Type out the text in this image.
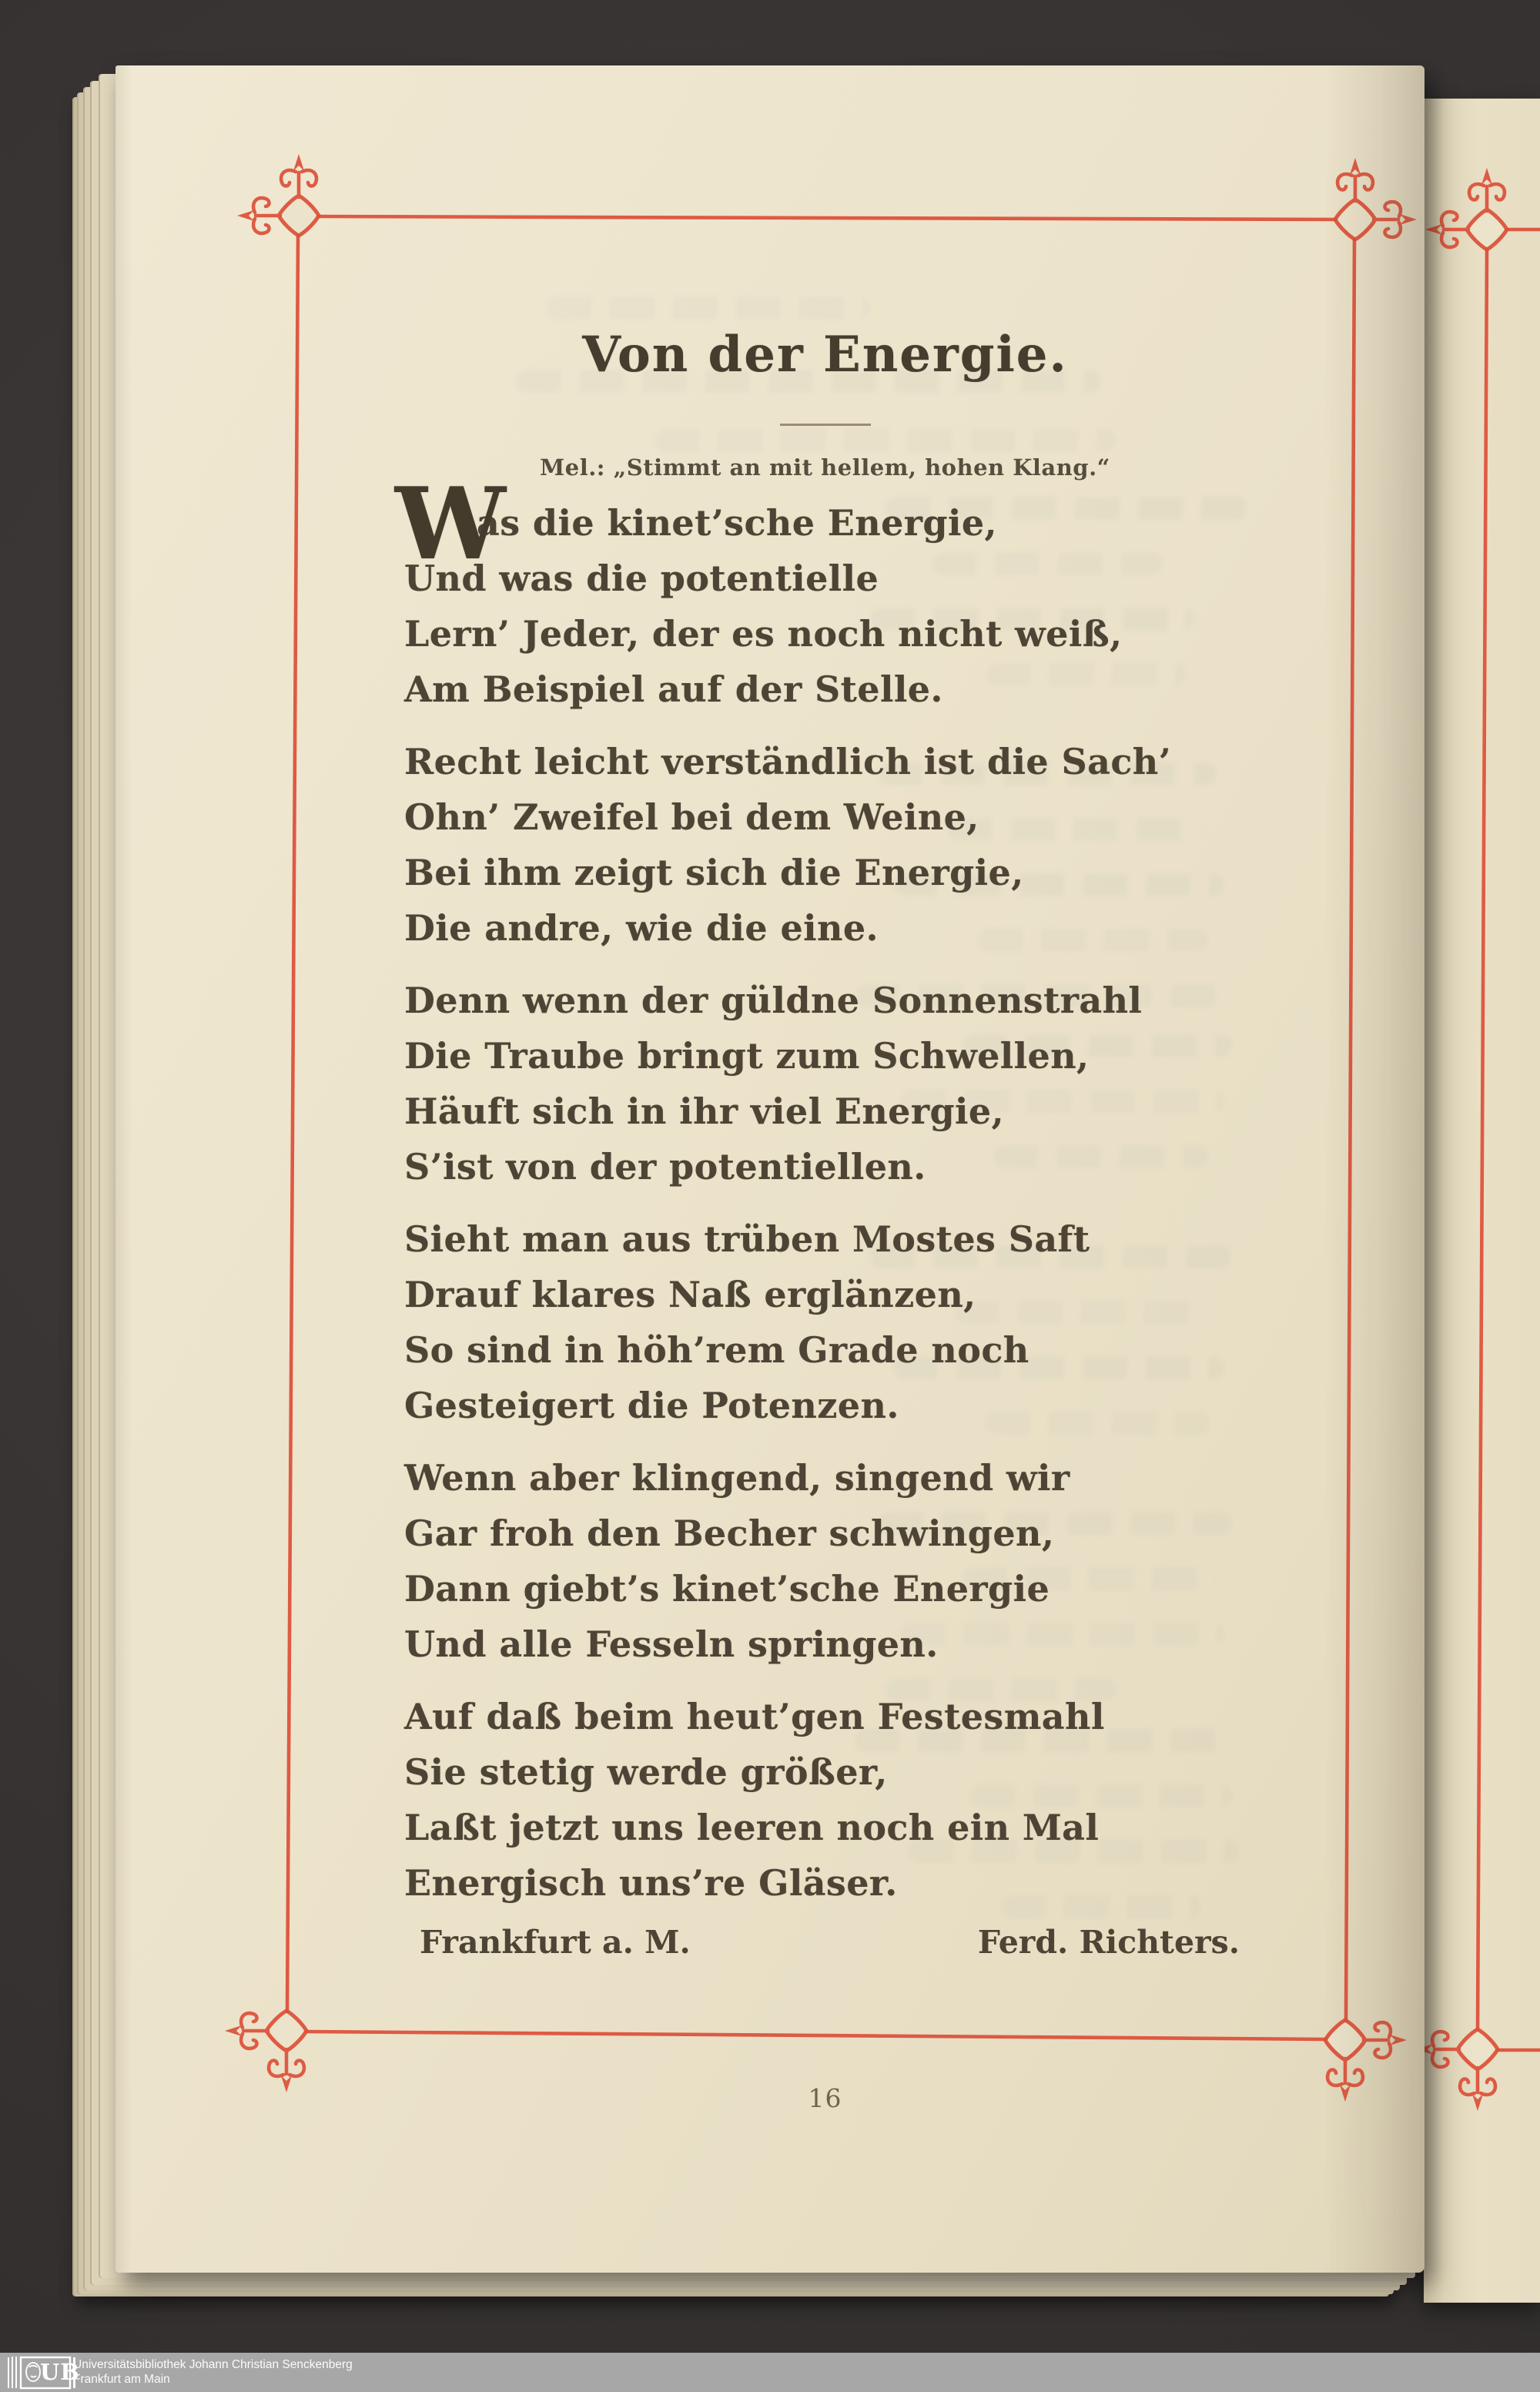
Von der Energie.
Mel.: „Stimmt an mit hellem, hohen Klang.“
W
as die kinet’sche Energie,
Und was die potentielle
Lern’ Jeder, der es noch nicht weiß,
Am Beispiel auf der Stelle.
Recht leicht verständlich ist die Sach’
Ohn’ Zweifel bei dem Weine,
Bei ihm zeigt sich die Energie,
Die andre, wie die eine.
Denn wenn der güldne Sonnenstrahl
Die Traube bringt zum Schwellen,
Häuft sich in ihr viel Energie,
S’ist von der potentiellen.
Sieht man aus trüben Mostes Saft
Drauf klares Naß erglänzen,
So sind in höh’rem Grade noch
Gesteigert die Potenzen.
Wenn aber klingend, singend wir
Gar froh den Becher schwingen,
Dann giebt’s kinet’sche Energie
Und alle Fesseln springen.
Auf daß beim heut’gen Festesmahl
Sie stetig werde größer,
Laßt jetzt uns leeren noch ein Mal
Energisch uns’re Gläser.
Frankfurt a. M.	Ferd. Richters.
16
UB
Universitätsbibliothek Johann Christian Senckenberg
Frankfurt am Main
